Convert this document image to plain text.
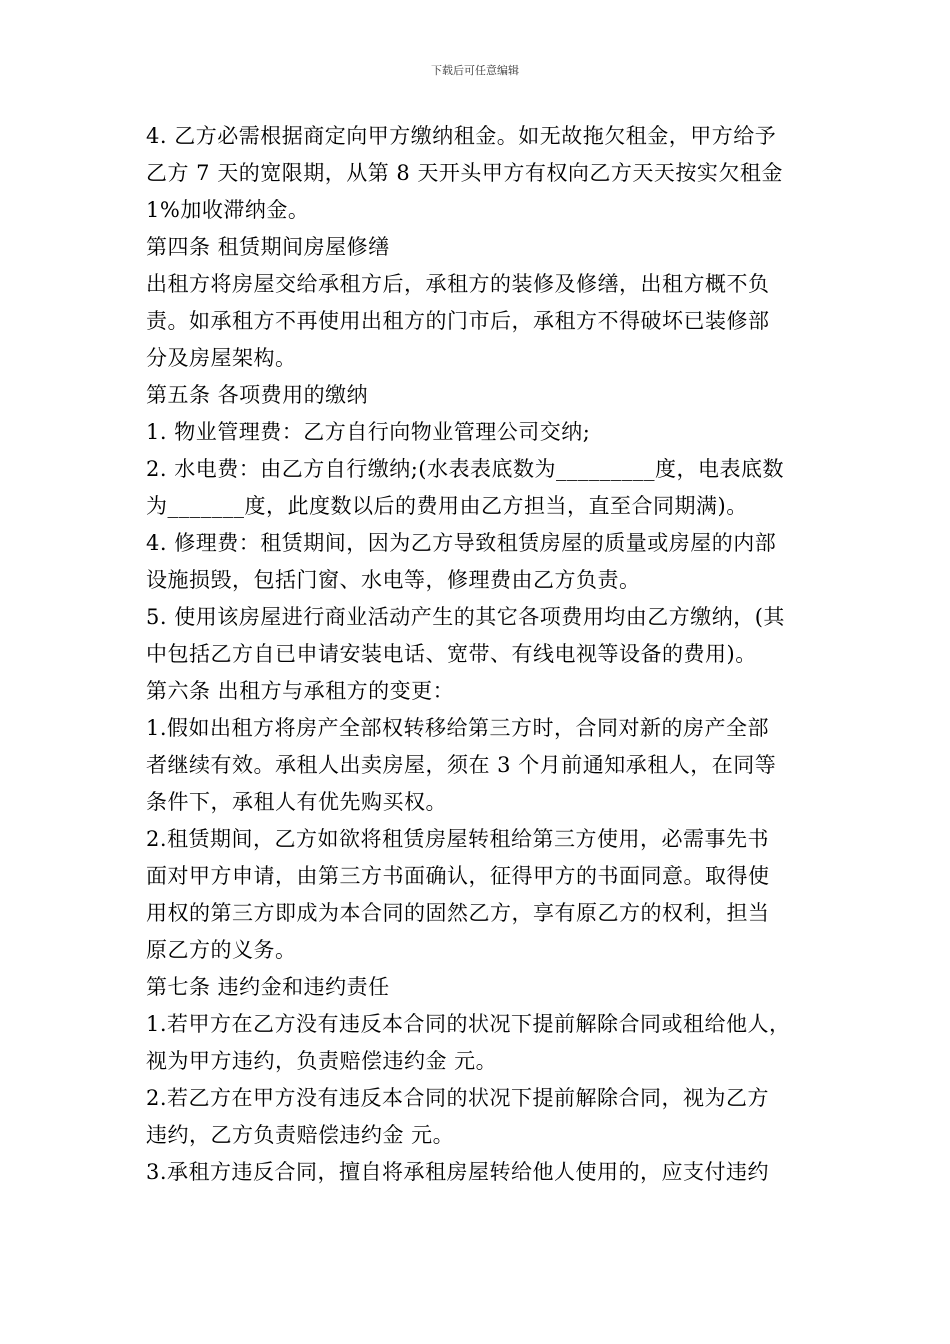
下载后可任意编辑
4. 乙方必需根据商定向甲方缴纳租金。如无故拖欠租金，甲方给予
乙方 7 天的宽限期，从第 8 天开头甲方有权向乙方天天按实欠租金
1%加收滞纳金。
第四条 租赁期间房屋修缮
出租方将房屋交给承租方后，承租方的装修及修缮，出租方概不负
责。如承租方不再使用出租方的门市后，承租方不得破坏已装修部
分及房屋架构。
第五条 各项费用的缴纳
1. 物业管理费：乙方自行向物业管理公司交纳;
2. 水电费：由乙方自行缴纳;(水表表底数为_________度，电表底数
为_______度，此度数以后的费用由乙方担当，直至合同期满)。
4. 修理费：租赁期间，因为乙方导致租赁房屋的质量或房屋的内部
设施损毁，包括门窗、水电等，修理费由乙方负责。
5. 使用该房屋进行商业活动产生的其它各项费用均由乙方缴纳，(其
中包括乙方自已申请安装电话、宽带、有线电视等设备的费用)。
第六条 出租方与承租方的变更：
1.假如出租方将房产全部权转移给第三方时，合同对新的房产全部
者继续有效。承租人出卖房屋，须在 3 个月前通知承租人，在同等
条件下，承租人有优先购买权。
2.租赁期间，乙方如欲将租赁房屋转租给第三方使用，必需事先书
面对甲方申请，由第三方书面确认，征得甲方的书面同意。取得使
用权的第三方即成为本合同的固然乙方，享有原乙方的权利，担当
原乙方的义务。
第七条 违约金和违约责任
1.若甲方在乙方没有违反本合同的状况下提前解除合同或租给他人，
视为甲方违约，负责赔偿违约金 元。
2.若乙方在甲方没有违反本合同的状况下提前解除合同，视为乙方
违约，乙方负责赔偿违约金 元。
3.承租方违反合同，擅自将承租房屋转给他人使用的，应支付违约
